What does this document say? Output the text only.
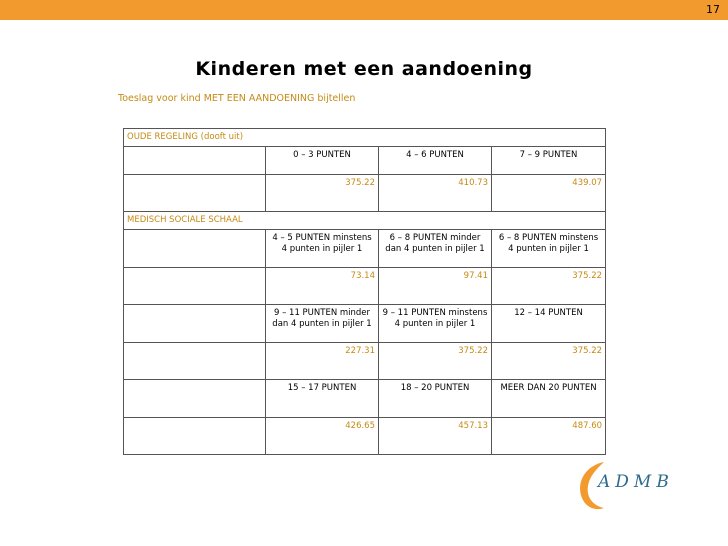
17
Kinderen met een aandoening
Toeslag voor kind MET EEN AANDOENING bijtellen
OUDE REGELING (dooft uit)			
	0 – 3 PUNTEN	4 – 6 PUNTEN	7 – 9 PUNTEN
	375.22	410.73	439.07
MEDISCH SOCIALE SCHAAL			
	4 – 5 PUNTEN minstens 4 punten in pijler 1	6 – 8 PUNTEN minder dan 4 punten in pijler 1	6 – 8 PUNTEN minstens 4 punten in pijler 1
	73.14	97.41	375.22
	9 – 11 PUNTEN minder dan 4 punten in pijler 1	9 – 11 PUNTEN minstens 4 punten in pijler 1	12 – 14 PUNTEN
	227.31	375.22	375.22
	15 – 17 PUNTEN	18 – 20 PUNTEN	MEER DAN 20 PUNTEN
	426.65	457.13	487.60
ADMB
